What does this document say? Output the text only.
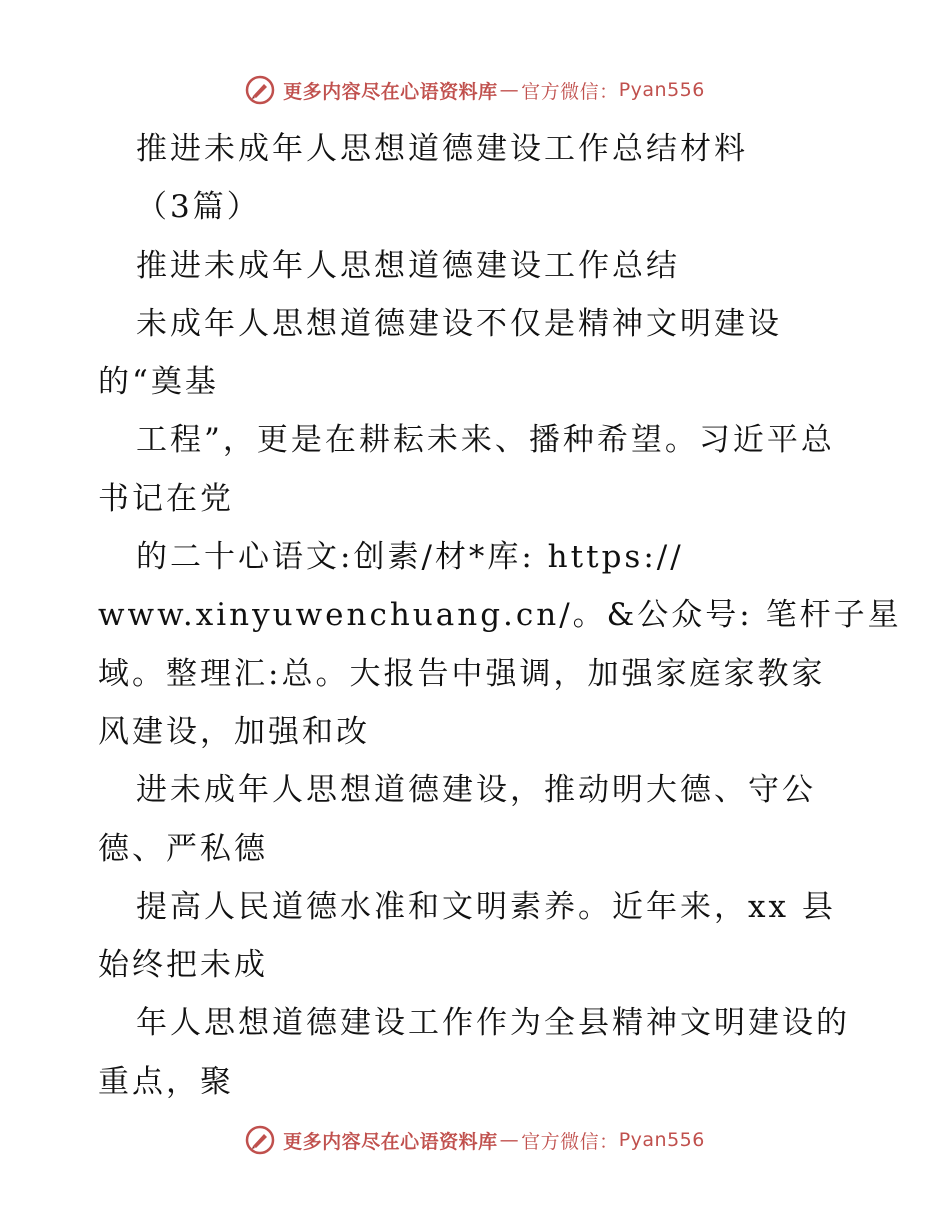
更多内容尽在心语资料库 — 官方微信： Pyan556
推进未成年人思想道德建设工作总结材料
（3篇）
推进未成年人思想道德建设工作总结
未成年人思想道德建设不仅是精神文明建设
的“奠基
工程”，更是在耕耘未来、播种希望。习近平总
书记在党
的二十心语文:创素/材*库: https://
www.xinyuwenchuang.cn/。&公众号: 笔杆子星
域。整理汇:总。大报告中强调，加强家庭家教家
风建设，加强和改
进未成年人思想道德建设，推动明大德、守公
德、严私德
提高人民道德水准和文明素养。近年来，xx 县
始终把未成
年人思想道德建设工作作为全县精神文明建设的
重点，聚
更多内容尽在心语资料库 — 官方微信： Pyan556
